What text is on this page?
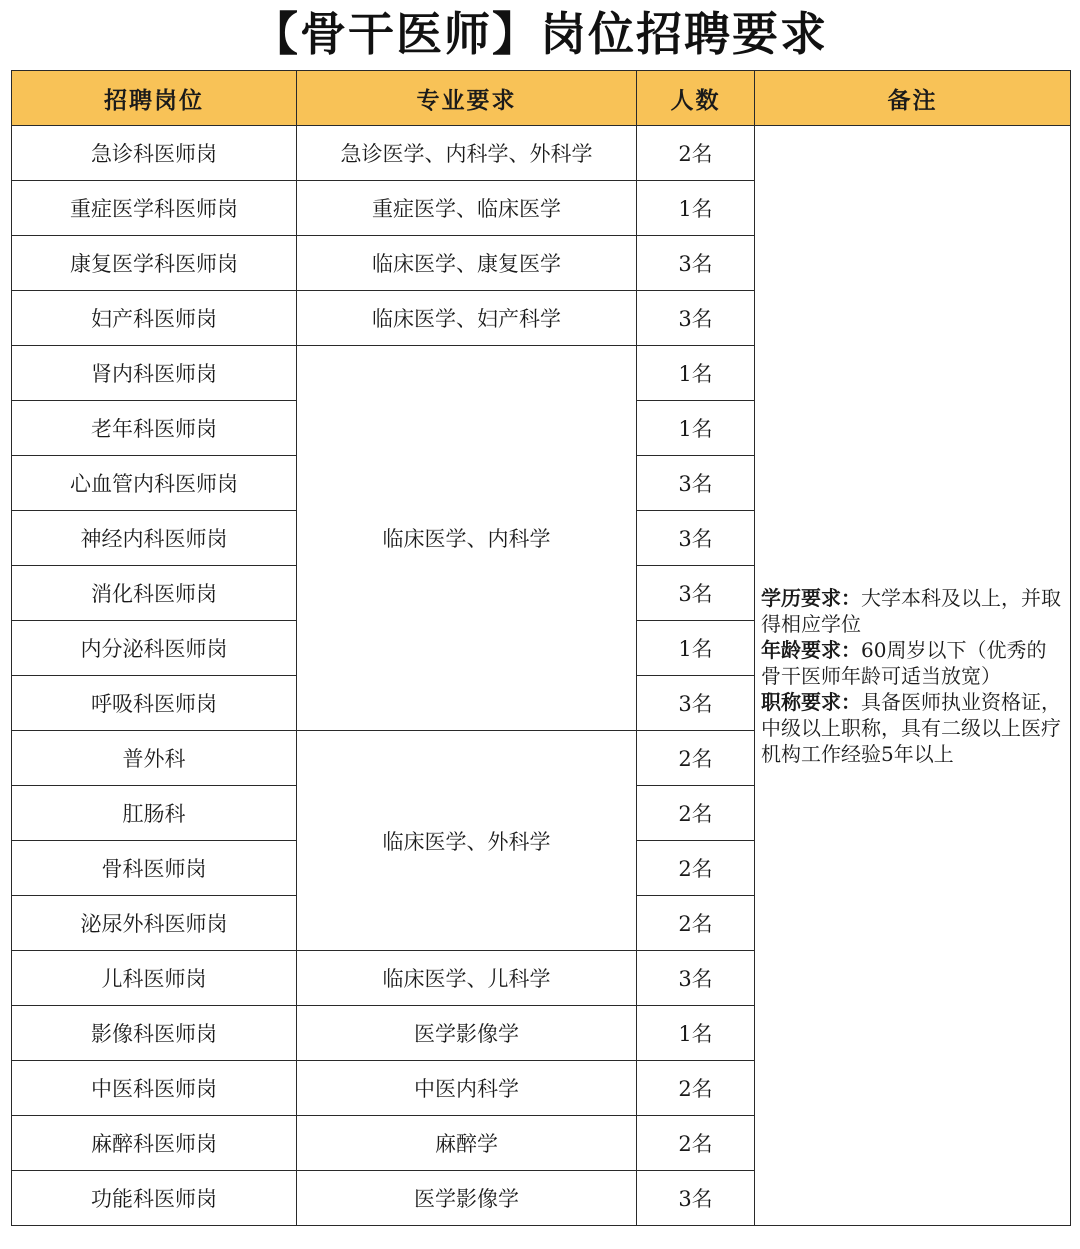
【骨干医师】岗位招聘要求
招聘岗位	专业要求	人数	备注
急诊科医师岗	急诊医学、内科学、外科学	2名	学历要求：大学本科及以上，并取得相应学位
年龄要求：60周岁以下（优秀的骨干医师年龄可适当放宽）
职称要求：具备医师执业资格证，中级以上职称，具有二级以上医疗机构工作经验5年以上

重症医学科医师岗	重症医学、临床医学	1名	
康复医学科医师岗	临床医学、康复医学	3名	
妇产科医师岗	临床医学、妇产科学	3名	
肾内科医师岗	临床医学、内科学	1名	
老年科医师岗		1名	
心血管内科医师岗		3名	
神经内科医师岗		3名	
消化科医师岗		3名	
内分泌科医师岗		1名	
呼吸科医师岗		3名	
普外科	临床医学、外科学	2名	
肛肠科		2名	
骨科医师岗		2名	
泌尿外科医师岗		2名	
儿科医师岗	临床医学、儿科学	3名	
影像科医师岗	医学影像学	1名	
中医科医师岗	中医内科学	2名	
麻醉科医师岗	麻醉学	2名	
功能科医师岗	医学影像学	3名	
